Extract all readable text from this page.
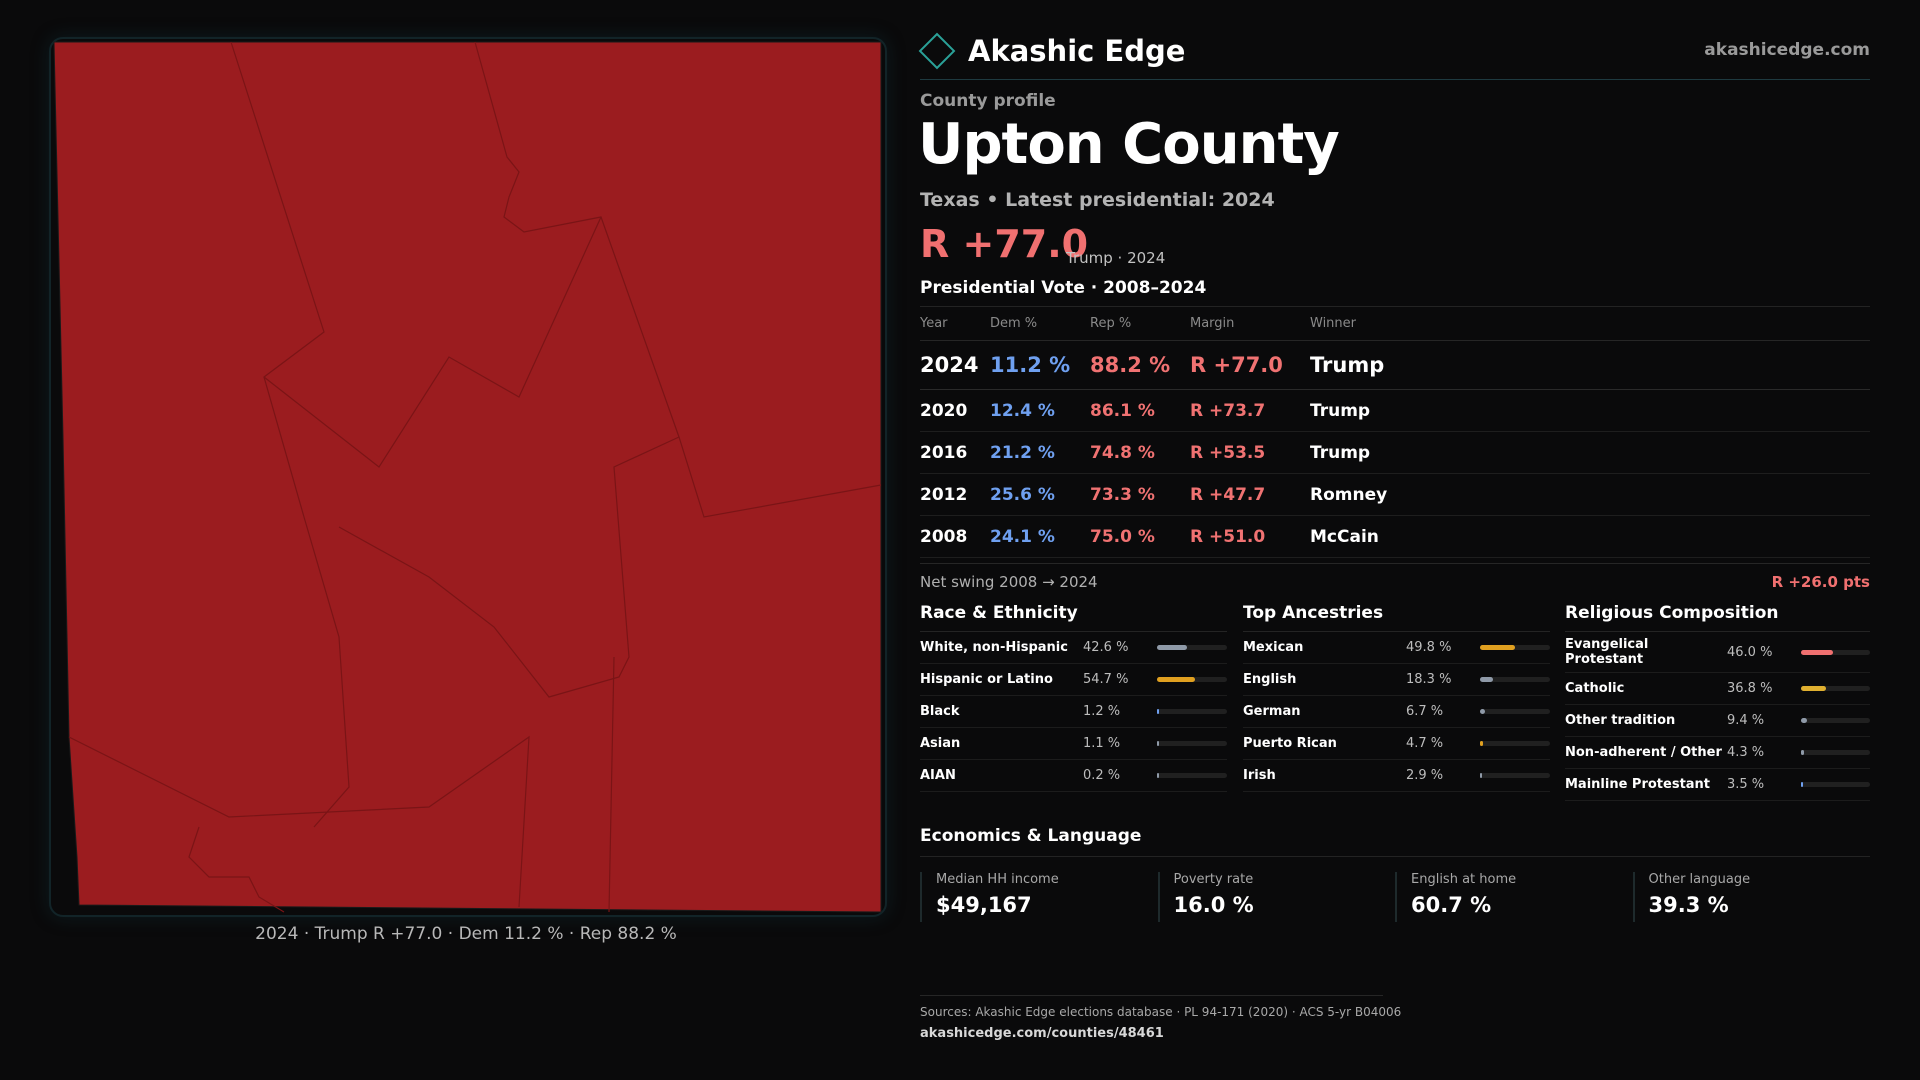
2024 · Trump R +77.0 · Dem 11.2 % · Rep 88.2 %
Akashic Edge	akashicedge.com
County profile
Upton County
Texas • Latest presidential: 2024
R +77.0
Trump · 2024
Presidential Vote · 2008–2024
Year	Dem %	Rep %	Margin	Winner
2024 11.2 % 88.2 % R +77.0	Trump
2020	12.4 %	86.1 %	R +73.7	Trump
2016	21.2 %	74.8 %	R +53.5	Trump
2012	25.6 %	73.3 %	R +47.7	Romney
2008	24.1 %	75.0 %	R +51.0	McCain
Net swing 2008 → 2024	R +26.0 pts
Race & Ethnicity
White, non-Hispanic	42.6 %
Hispanic or Latino	54.7 %
Black	1.2 %
Asian	1.1 %
AIAN	0.2 %
Top Ancestries
Mexican	49.8 %
English	18.3 %
German	6.7 %
Puerto Rican	4.7 %
Irish	2.9 %
Religious Composition
Evangelical Protestant	46.0 %
Catholic	36.8 %
Other tradition	9.4 %
Non-adherent / Other 4.3 %
Mainline Protestant	3.5 %
Economics & Language
Median HH income
$49,167
Poverty rate
16.0 %
English at home
60.7 %
Other language
39.3 %
Sources: Akashic Edge elections database · PL 94-171 (2020) · ACS 5-yr B04006
akashicedge.com/counties/48461
